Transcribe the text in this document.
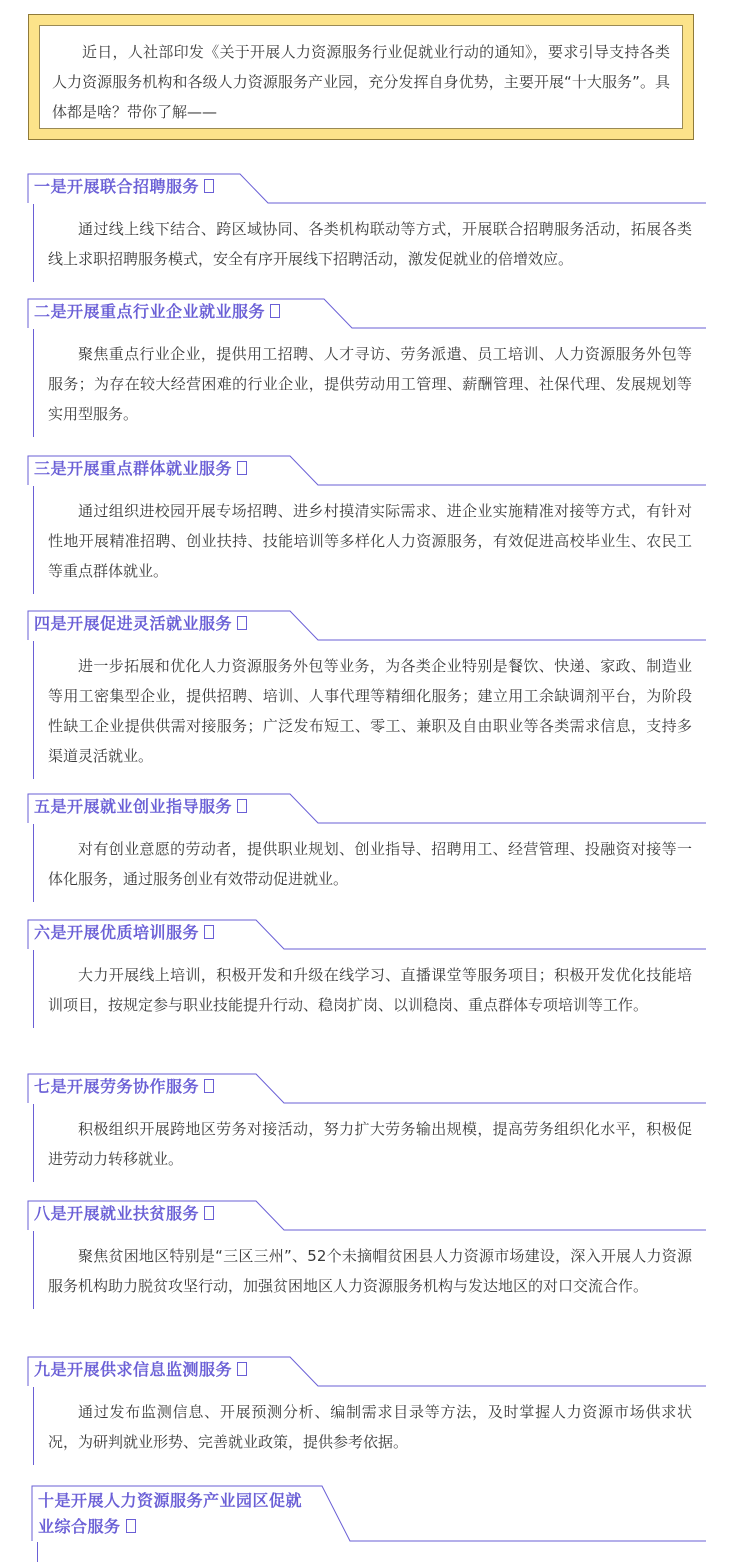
近日，人社部印发《关于开展人力资源服务行业促就业行动的通知》，要求引导支持各类人力资源服务机构和各级人力资源服务产业园，充分发挥自身优势，主要开展“十大服务”。具体都是啥？带你了解——
一是开展联合招聘服务
通过线上线下结合、跨区域协同、各类机构联动等方式，开展联合招聘服务活动，拓展各类线上求职招聘服务模式，安全有序开展线下招聘活动，激发促就业的倍增效应。
二是开展重点行业企业就业服务
聚焦重点行业企业，提供用工招聘、人才寻访、劳务派遣、员工培训、人力资源服务外包等服务；为存在较大经营困难的行业企业，提供劳动用工管理、薪酬管理、社保代理、发展规划等实用型服务。
三是开展重点群体就业服务
通过组织进校园开展专场招聘、进乡村摸清实际需求、进企业实施精准对接等方式，有针对性地开展精准招聘、创业扶持、技能培训等多样化人力资源服务，有效促进高校毕业生、农民工等重点群体就业。
四是开展促进灵活就业服务
进一步拓展和优化人力资源服务外包等业务，为各类企业特别是餐饮、快递、家政、制造业等用工密集型企业，提供招聘、培训、人事代理等精细化服务；建立用工余缺调剂平台，为阶段性缺工企业提供供需对接服务；广泛发布短工、零工、兼职及自由职业等各类需求信息，支持多渠道灵活就业。
五是开展就业创业指导服务
对有创业意愿的劳动者，提供职业规划、创业指导、招聘用工、经营管理、投融资对接等一体化服务，通过服务创业有效带动促进就业。
六是开展优质培训服务
大力开展线上培训，积极开发和升级在线学习、直播课堂等服务项目；积极开发优化技能培训项目，按规定参与职业技能提升行动、稳岗扩岗、以训稳岗、重点群体专项培训等工作。
七是开展劳务协作服务
积极组织开展跨地区劳务对接活动，努力扩大劳务输出规模，提高劳务组织化水平，积极促进劳动力转移就业。
八是开展就业扶贫服务
聚焦贫困地区特别是“三区三州”、52个未摘帽贫困县人力资源市场建设，深入开展人力资源服务机构助力脱贫攻坚行动，加强贫困地区人力资源服务机构与发达地区的对口交流合作。
九是开展供求信息监测服务
通过发布监测信息、开展预测分析、编制需求目录等方法，及时掌握人力资源市场供求状况，为研判就业形势、完善就业政策，提供参考依据。
十是开展人力资源服务产业园区促就业综合服务
